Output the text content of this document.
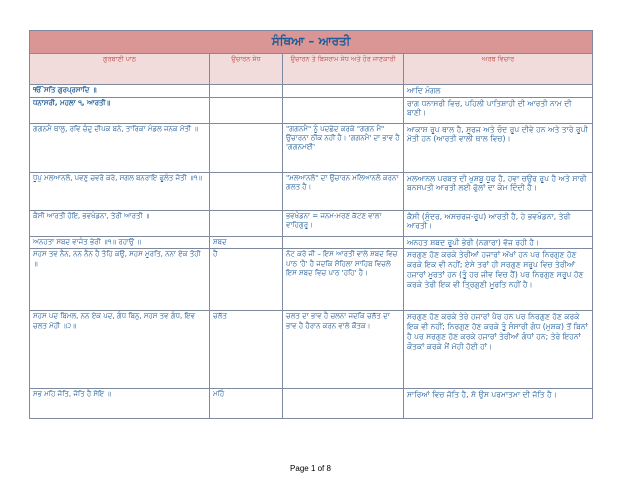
ਸੰਥਿਆ – ਆਰਤੀ			
ਗੁਰਬਾਣੀ ਪਾਠ	ਉਚਾਰਨ ਸੇਧ	ਉਚਾਰਨ ਤੇ ਬਿਸ਼ਰਾਮ ਸੇਧ ਅਤੇ ਹੋਰ ਜਾਣਕਾਰੀ	ਅਰਥ ਵਿਚਾਰ
ੴ ਸਤਿ ਗੁਰਪ੍ਰਸਾਦਿ ॥			ਆਦਿ ਮੰਗਲ
ਧਨਾਸਰੀ, ਮਹਲਾ ੧, ਆਰਤੀ॥			ਰਾਗ ਧਨਾਸਰੀ ਵਿਚ, ਪਹਿਲੀ ਪਾਤਿਸ਼ਾਹੀ ਦੀ ਆਰਤੀ ਨਾਮ ਦੀ ਬਾਣੀ।
ਗਗਨਮੈ ਥਾਲੁ, ਰਵਿ ਚੰਦੁ ਦੀਪਕ ਬਨੇ, ਤਾਰਿਕਾ ਮੰਡਲ ਜਨਕ ਮੋਤੀ ॥		"ਗਗਨਮੈ" ਨੂੰ ਪਦਛੇਦ ਕਰਕੇ "ਗਗਨ ਮੈ" ਉਚਾਰਨਾ ਠੀਕ ਨਹੀਂ ਹੈ। 'ਗਗਨਮੈ' ਦਾ ਭਾਵ ਹੈ 'ਗਗਨਮਈ'	ਆਕਾਸ਼ ਰੂਪ ਥਾਲ ਹੈ, ਸੂਰਜ ਅਤੇ ਚੰਦ ਰੂਪ ਦੀਵੇ ਹਨ ਅਤੇ ਤਾਰੇ ਰੂਪੀ ਮੋਤੀ ਹਨ (ਆਰਤੀ ਵਾਲੀ ਥਾਲ ਵਿਚ)।
ਧੂਪੁ ਮਲਆਨਲੋ, ਪਵਣੁ ਚਵਰੋ ਕਰੇ, ਸਗਲ ਬਨਰਾਇ ਫੂਲੰਤ ਜੋਤੀ ॥੧॥		"ਮਲਆਨਲੋ" ਦਾ ਉਚਾਰਨ ਮਲਿਆਨਲੋ ਕਰਨਾ ਗਲਤ ਹੈ।	ਮਲਆਨਲ ਪਰਬਤ ਦੀ ਖੁਸ਼ਬੂ ਧੂਫ ਹੈ, ਹਵਾ ਚਉਰ ਰੂਪ ਹੈ ਅਤੇ ਸਾਰੀ ਬਨਸਪਤੀ ਆਰਤੀ ਲਈ ਫੁੱਲਾਂ ਦਾ ਕੰਮ ਦਿੰਦੀ ਹੈ।
ਕੈਸੀ ਆਰਤੀ ਹੋਇ, ਭਵਖੰਡਨਾ, ਤੇਰੀ ਆਰਤੀ ॥		ਭਵਖੰਡਨਾ = ਜਨਮ-ਮਰਣ ਕੱਟਣ ਵਾਲਾ ਵਾਹਿਗੁਰੂ।	ਕੈਸੀ (ਸੁੰਦਰ, ਅਸਚਰਜ-ਰੂਪ) ਆਰਤੀ ਹੈ, ਹੇ ਭਵਖੰਡਨਾ, ਤੇਰੀ ਆਰਤੀ।
ਅਨਹਤਾ ਸਬਦ ਵਾਜੰਤ ਭੇਰੀ ॥੧॥ ਰਹਾਉ ॥	ਸ਼ਬਦ		ਅਨਹਤ ਸ਼ਬਦ ਰੂਪੀ ਭੇਰੀ (ਨਗਾਰਾ) ਵੱਜ ਰਹੀ ਹੈ।
ਸਹਸ ਤਵ ਨੈਨ, ਨਨ ਨੈਨ ਹੈ ਤੋਹਿ ਕਉ, ਸਹਸ ਮੂਰਤਿ, ਨਨਾ ਏਕ ਤੋਹੀ ॥	ਹੈਂ	ਨੋਟ ਕਰੋ ਜੀ – ਇਸ ਆਰਤੀ ਵਾਲੇ ਸ਼ਬਦ ਵਿਚ ਪਾਠ 'ਹੈ' ਹੈ ਜਦਕਿ ਸੋਹਿਲਾ ਸਾਹਿਬ ਵਿਚਲੇ ਇਸ ਸ਼ਬਦ ਵਿਚ ਪਾਠ 'ਹਹਿ' ਹੈ।	ਸਰਗੁਣ ਹੋਣ ਕਰਕੇ ਤੇਰੀਆਂ ਹਜਾਰਾਂ ਅੱਖਾਂ ਹਨ ਪਰ ਨਿਰਗੁਣ ਹੋਣ ਕਰਕੇ ਇਕ ਵੀ ਨਹੀਂ; ਏਸੇ ਤਰਾਂ ਹੀ ਸਰਗੁਣ ਸਰੂਪ ਵਿਚ ਤੇਰੀਆਂ ਹਜਾਰਾਂ ਮੂਰਤਾਂ ਹਨ (ਤੂੰ ਹਰ ਜੀਵ ਵਿਚ ਹੈਂ) ਪਰ ਨਿਰਗੁਣ ਸਰੂਪ ਹੋਣ ਕਰਕੇ ਤੇਰੀ ਇਕ ਵੀ ਤ੍ਰਿਗੁਣੀ ਮੂਰਤਿ ਨਹੀਂ ਹੈ।
ਸਹਸ ਪਦ ਬਿਮਲ, ਨਨ ਏਕ ਪਦ, ਗੰਧ ਬਿਨੁ, ਸਹਸ ਤਵ ਗੰਧ, ਇਵ ਚਲਤ ਮੋਹੀ ॥੨॥	ਚਲੱਤ	ਚਲਤ ਦਾ ਭਾਵ ਹੈ ਚਲਨਾ ਜਦਕਿ ਚਲੱਤ ਦਾ ਭਾਵ ਹੈ ਹੈਰਾਨ ਕਰਨ ਵਾਲੇ ਕੌਤਕ।	ਸਰਗੁਣ ਹੋਣ ਕਰਕੇ ਤੇਰੇ ਹਜਾਰਾਂ ਪੈਰ ਹਨ ਪਰ ਨਿਰਗੁਣ ਹੋਣ ਕਰਕੇ ਇਕ ਵੀ ਨਹੀਂ; ਨਿਰਗੁਣ ਹੋਣ ਕਰਕੇ ਤੂੰ ਸੰਸਾਰੀ ਗੰਧ (ਮੁਸ਼ਕ) ਤੋਂ ਬਿਨਾਂ ਹੈ ਪਰ ਸਰਗੁਣ ਹੋਣ ਕਰਕੇ ਹਜਾਰਾਂ ਤੇਰੀਆਂ ਗੰਧਾਂ ਹਨ; ਤੇਰੇ ਇਹਨਾਂ ਕੌਤਕਾਂ ਕਰਕੇ ਮੈਂ ਮੋਹੀ ਹੋਈ ਹਾਂ।
ਸਭ ਮਹਿ ਜੋਤਿ, ਜੋਤਿ ਹੈ ਸੋਇ ॥	ਮਹਿੰ		ਸਾਰਿਆਂ ਵਿਚ ਜੋਤਿ ਹੈ, ਸੋ ਉਸ ਪਰਮਾਤਮਾ ਦੀ ਜੋਤਿ ਹੈ।
Page 1 of 8
